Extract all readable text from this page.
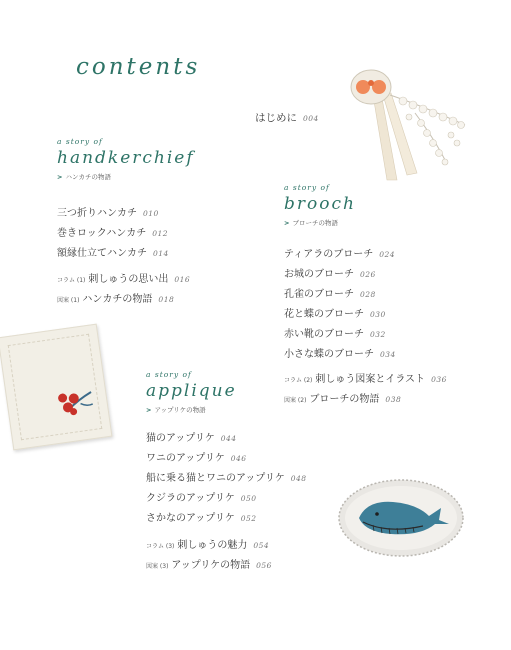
contents
はじめに 004
a story of
handkerchief
> ハンカチの物語
三つ折りハンカチ 010
巻きロックハンカチ 012
額縁仕立てハンカチ 014
コラム (1) 刺しゅうの思い出 016
図案 (1) ハンカチの物語 018
a story of
brooch
> ブローチの物語
ティアラのブローチ 024
お城のブローチ 026
孔雀のブローチ 028
花と蝶のブローチ 030
赤い靴のブローチ 032
小さな蝶のブローチ 034
コラム (2) 刺しゅう図案とイラスト 036
図案 (2) ブローチの物語 038
a story of
applique
> アップリケの物語
猫のアップリケ 044
ワニのアップリケ 046
船に乗る猫とワニのアップリケ 048
クジラのアップリケ 050
さかなのアップリケ 052
コラム (3) 刺しゅうの魅力 054
図案 (3) アップリケの物語 056
